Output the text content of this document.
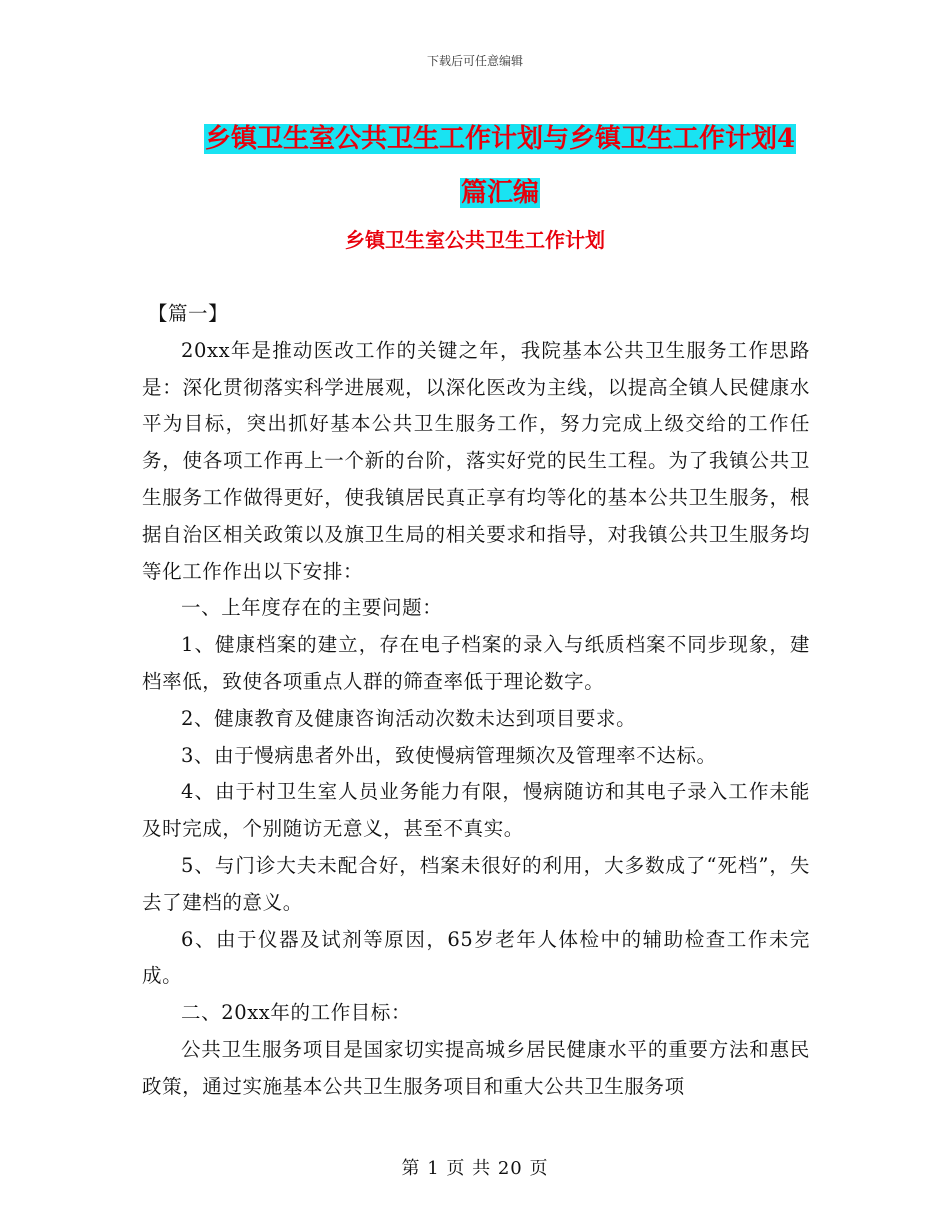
下载后可任意编辑
乡镇卫生室公共卫生工作计划与乡镇卫生工作计划4
篇汇编
乡镇卫生室公共卫生工作计划

【篇一】

20xx年是推动医改工作的关键之年，我院基本公共卫生服务工作思路是：深化贯彻落实科学进展观，以深化医改为主线，以提高全镇人民健康水平为目标，突出抓好基本公共卫生服务工作，努力完成上级交给的工作任务，使各项工作再上一个新的台阶，落实好党的民生工程。为了我镇公共卫生服务工作做得更好，使我镇居民真正享有均等化的基本公共卫生服务，根据自治区相关政策以及旗卫生局的相关要求和指导，对我镇公共卫生服务均等化工作作出以下安排：

一、上年度存在的主要问题：

1、健康档案的建立，存在电子档案的录入与纸质档案不同步现象，建档率低，致使各项重点人群的筛查率低于理论数字。

2、健康教育及健康咨询活动次数未达到项目要求。

3、由于慢病患者外出，致使慢病管理频次及管理率不达标。

4、由于村卫生室人员业务能力有限，慢病随访和其电子录入工作未能及时完成，个别随访无意义，甚至不真实。

5、与门诊大夫未配合好，档案未很好的利用，大多数成了“死档”，失去了建档的意义。

6、由于仪器及试剂等原因，65岁老年人体检中的辅助检查工作未完成。

二、20xx年的工作目标：

公共卫生服务项目是国家切实提高城乡居民健康水平的重要方法和惠民政策，通过实施基本公共卫生服务项目和重大公共卫生服务项

第 1 页 共 20 页
